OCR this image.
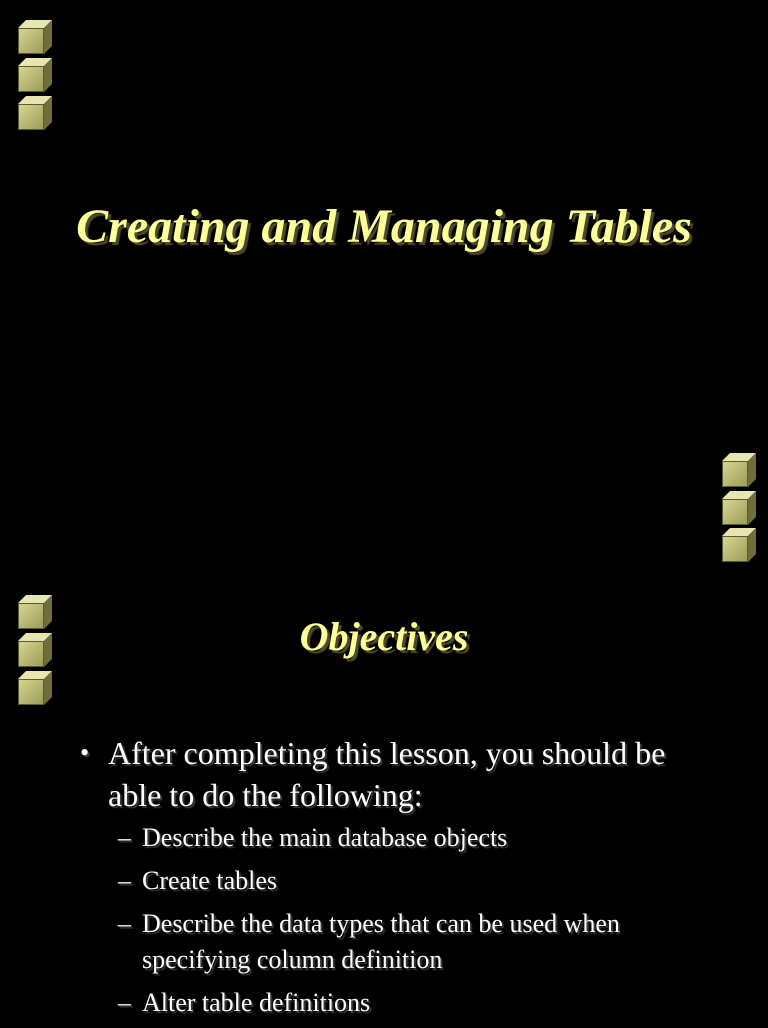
Creating and Managing Tables
Objectives
• After completing this lesson, you should be able to do the following:
– Describe the main database objects
– Create tables
– Describe the data types that can be used when specifying column definition
– Alter table definitions
